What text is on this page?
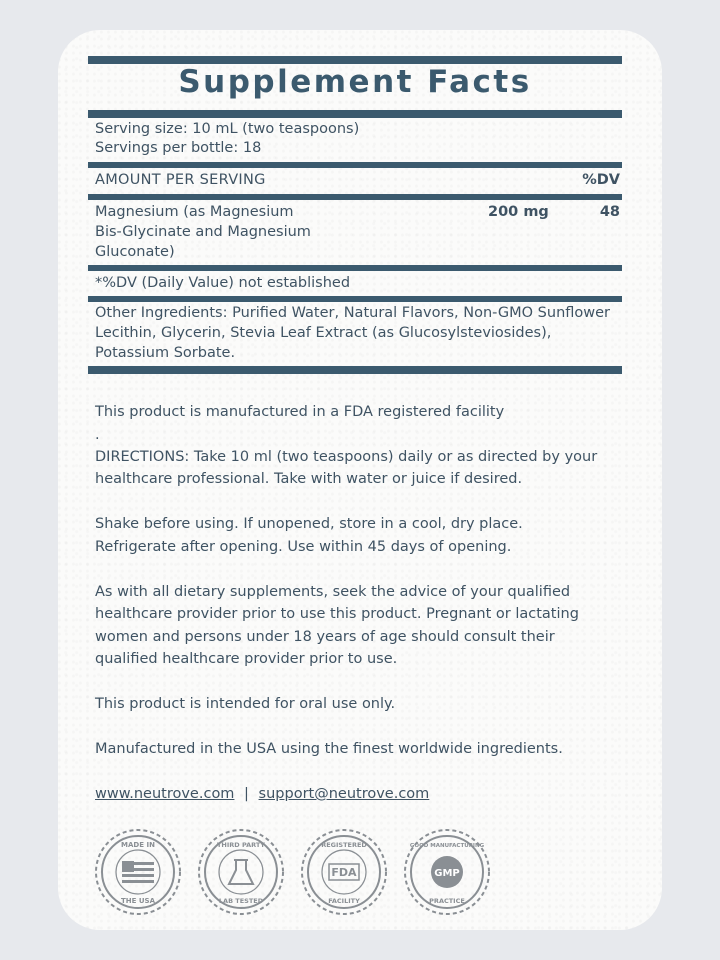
Supplement Facts
Serving size: 10 mL (two teaspoons)
Servings per bottle: 18
AMOUNT PER SERVING	%DV
Magnesium (as Magnesium
Bis-Glycinate and Magnesium
Gluconate)
200 mg	48
*%DV (Daily Value) not established
Other Ingredients: Purified Water, Natural Flavors, Non-GMO Sunflower
Lecithin, Glycerin, Stevia Leaf Extract (as Glucosylsteviosides),
Potassium Sorbate.
This product is manufactured in a FDA registered facility
.
DIRECTIONS: Take 10 ml (two teaspoons) daily or as directed by your
healthcare professional. Take with water or juice if desired.
Shake before using. If unopened, store in a cool, dry place.
Refrigerate after opening. Use within 45 days of opening.
As with all dietary supplements, seek the advice of your qualified
healthcare provider prior to use this product. Pregnant or lactating
women and persons under 18 years of age should consult their
qualified healthcare provider prior to use.
This product is intended for oral use only.
Manufactured in the USA using the finest worldwide ingredients.
www.neutrove.com | support@neutrove.com
MADE IN
THE USA
THIRD PARTY
LAB TESTED
REGISTERED
FDA
FACILITY
GOOD MANUFACTURING
GMP
PRACTICE
